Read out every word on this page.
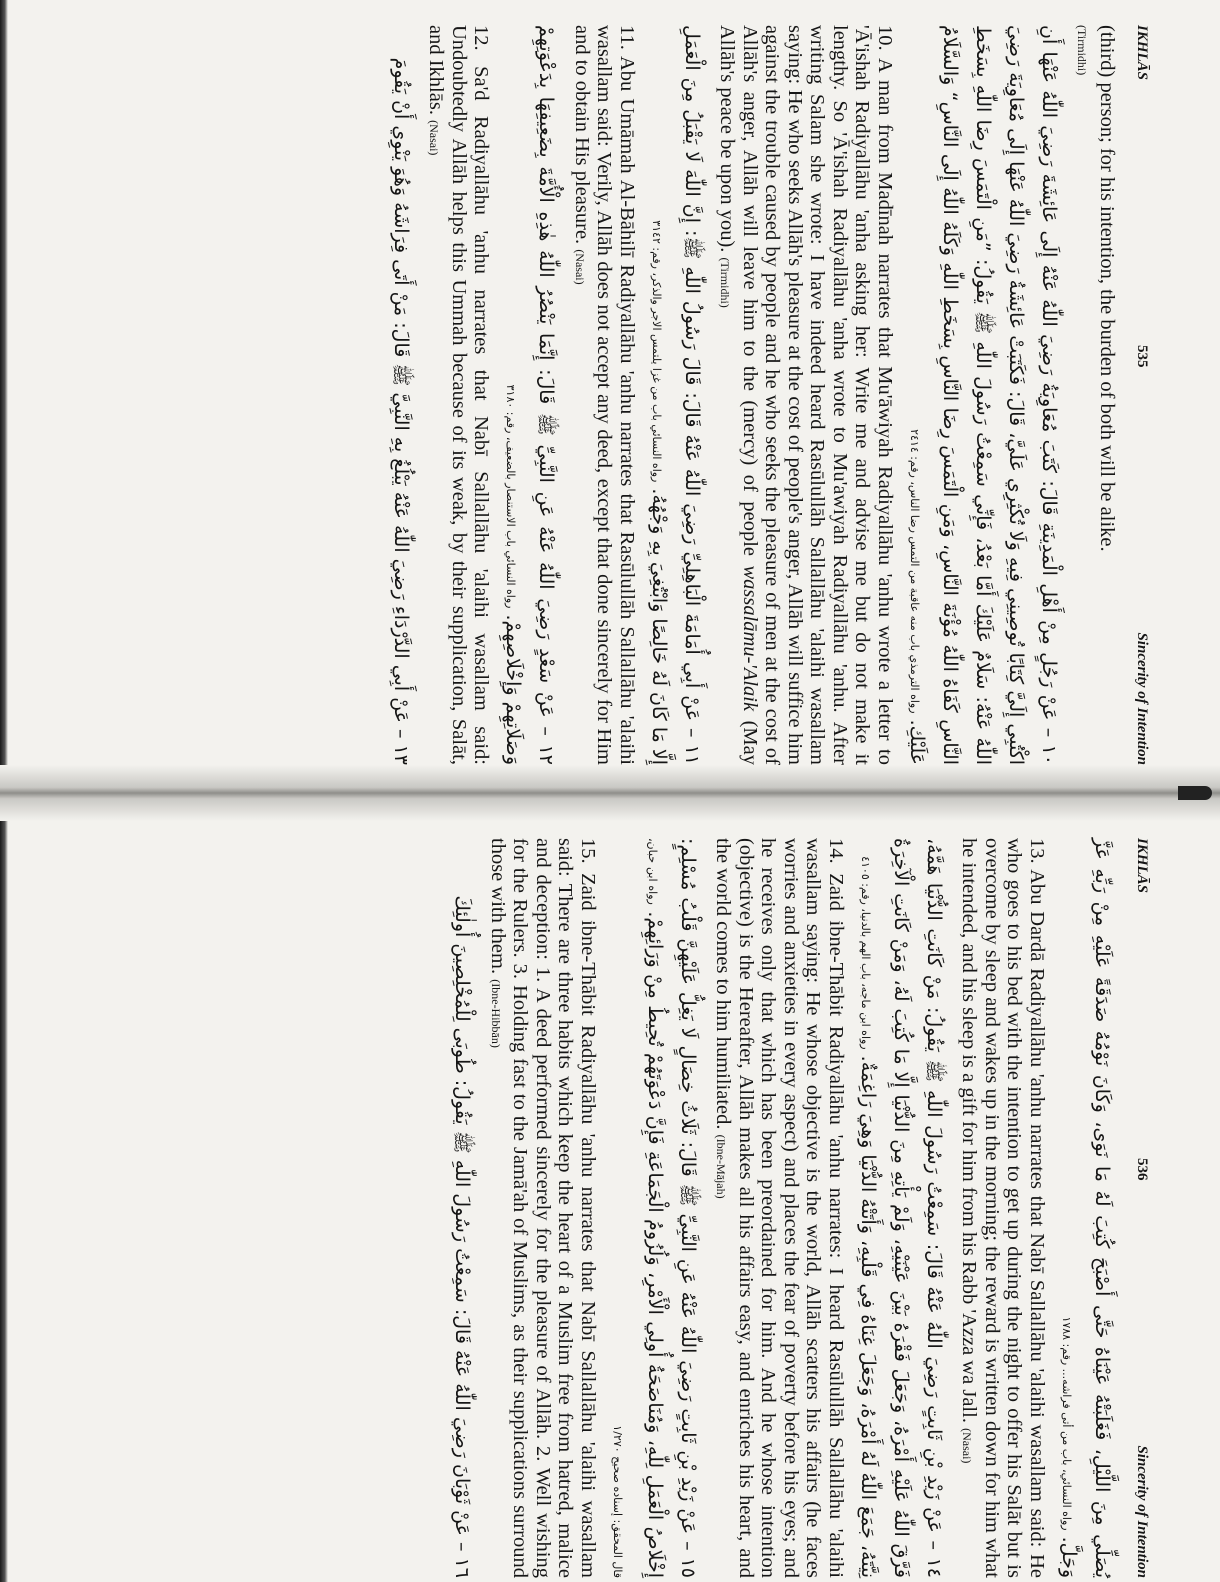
IKHLĀS
535
Sincerity of Intention

(third) person; for his intention, the burden of both will be alike.
(Tirmidhi)

١٠ – عَنْ رَجُلٍ مِنْ أَهْلِ الْمَدِينَةِ قَالَ: كَتَبَ مُعَاوِيَةُ رَضِيَ اللّٰهُ عَنْهُ إِلَى عَائِشَةَ رَضِيَ اللّٰهُ عَنْهَا أَنِ اكْتُبِي إِلَيَّ كِتَابًا تُوصِينِي فِيهِ وَلَا تُكْثِرِي عَلَيَّ، قَالَ: فَكَتَبَتْ عَائِشَةُ رَضِيَ اللّٰهُ عَنْهَا إِلَى مُعَاوِيَةَ رَضِيَ اللّٰهُ عَنْهُ: سَلَامٌ عَلَيْكَ أَمَّا بَعْدُ، فَإِنِّي سَمِعْتُ رَسُولَ اللّٰهِ ﷺ يَقُولُ: ”مَنِ الْتَمَسَ رِضَا اللّٰهِ بِسَخَطِ النَّاسِ كَفَاهُ اللّٰهُ مُؤْنَةَ النَّاسِ، وَمَنِ الْتَمَسَ رِضَا النَّاسِ بِسَخَطِ اللّٰهِ وَكَلَهُ اللّٰهُ إِلَى النَّاسِ“ وَالسَّلَامُ عَلَيْكِ. رواه الترمذي باب منه عاقبة من التمس رضا الناس، رقم: ٢٤١٤

10. A man from Madīnah narrates that Mu'āwiyah Radiyallāhu 'anhu wrote a letter to 'Ā'ishah Radiyallāhu 'anha asking her: Write me and advise me but do not make it lengthy. So 'Ā'ishah Radiyallāhu 'anha wrote to Mu'awiyah Radiyallāhu 'anhu. After writing Salam she wrote: I have indeed heard Rasūlullāh Sallallāhu 'alaihi wasallam saying: He who seeks Allāh's pleasure at the cost of people's anger, Allāh will suffice him against the trouble caused by people and he who seeks the pleasure of men at the cost of Allāh's anger, Allāh will leave him to the (mercy) of people wassalāmu-'Alaik (May Allāh's peace be upon you). (Tirmidhi)

١١ – عَنْ أَبِي أُمَامَةَ الْبَاهِلِيِّ رَضِيَ اللّٰهُ عَنْهُ قَالَ: قَالَ رَسُولُ اللّٰهِ ﷺ: إِنَّ اللّٰهَ لَا يَقْبَلُ مِنَ الْعَمَلِ إِلَّا مَا كَانَ لَهُ خَالِصًا وَابْتُغِيَ بِهِ وَجْهُهُ. رواه النسائي باب من غزا يلتمس الاجر والذكر، رقم: ٣١٤٢

11. Abu Umāmah Al-Bāhilī Radiyallāhu 'anhu narrates that Rasūlullāh Sallallāhu 'alaihi wasallam said: Verily, Allāh does not accept any deed, except that done sincerely for Him and to obtain His pleasure. (Nasai)

١٢ – عَنْ سَعْدٍ رَضِيَ اللّٰهُ عَنْهُ عَنِ النَّبِيِّ ﷺ قَالَ: إِنَّمَا يَنْصُرُ اللّٰهُ هٰذِهِ الْأُمَّةَ بِضَعِيفِهَا بِدَعْوَتِهِمْ وَصَلَاتِهِمْ وَإِخْلَاصِهِمْ. رواه النسائي باب الاستنصار بالضعيف، رقم: ٣١٨٠

12. Sa'd Radiyallāhu 'anhu narrates that Nabī Sallallāhu 'alaihi wasallam said: Undoubtedly Allāh helps this Ummah because of its weak, by their supplication, Salāt, and Ikhlās. (Nasai)

١٣ – عَنْ أَبِي الدَّرْدَاءِ رَضِيَ اللّٰهُ عَنْهُ يَبْلُغُ بِهِ النَّبِيَّ ﷺ قَالَ: مَنْ أَتَى فِرَاشَهُ وَهُوَ يَنْوِي أَنْ يَقُومَ

IKHLĀS
536
Sincerity of Intention

يُصَلِّي مِنَ اللَّيْلِ، فَغَلَبَتْهُ عَيْنَاهُ حَتَّى أَصْبَحَ كُتِبَ لَهُ مَا نَوَى، وَكَانَ نَوْمُهُ صَدَقَةً عَلَيْهِ مِنْ رَبِّهِ عَزَّ وَجَلَّ. رواه النسائي، باب من أتى فراشه... رقم: ١٧٨٨

13. Abu Dardā Radiyallāhu 'anhu narrates that Nabī Sallallāhu 'alaihi wasallam said: He who goes to his bed with the intention to get up during the night to offer his Salāt but is overcome by sleep and wakes up in the morning; the reward is written down for him what he intended, and his sleep is a gift for him from his Rabb 'Azza wa Jall. (Nasai)

١٤ – عَنْ زَيْدِ بْنِ ثَابِتٍ رَضِيَ اللّٰهُ عَنْهُ قَالَ: سَمِعْتُ رَسُولَ اللّٰهِ ﷺ يَقُولُ: مَنْ كَانَتِ الدُّنْيَا هَمَّهُ، فَرَّقَ اللّٰهُ عَلَيْهِ أَمْرَهُ، وَجَعَلَ فَقْرَهُ بَيْنَ عَيْنَيْهِ، وَلَمْ يَأْتِهِ مِنَ الدُّنْيَا إِلَّا مَا كُتِبَ لَهُ، وَمَنْ كَانَتِ الْآخِرَةُ نِيَّتَهُ، جَمَعَ اللّٰهُ لَهُ أَمْرَهُ، وَجَعَلَ غِنَاهُ فِي قَلْبِهِ، وَأَتَتْهُ الدُّنْيَا وَهِيَ رَاغِمَةٌ. رواه ابن ماجه، باب الهم بالدنيا، رقم: ٤١٠٥

14. Zaid ibne-Thābit Radiyallāhu 'anhu narrates: I heard Rasūlullāh Sallallāhu 'alaihi wasallam saying: He whose objective is the world, Allāh scatters his affairs (he faces worries and anxieties in every aspect) and places the fear of poverty before his eyes; and he receives only that which has been preordained for him. And he whose intention (objective) is the Hereafter, Allāh makes all his affairs easy, and enriches his heart, and the world comes to him humiliated. (Ibne-Mājah)

١٥ – عَنْ زَيْدِ بْنِ ثَابِتٍ رَضِيَ اللّٰهُ عَنْهُ عَنِ النَّبِيِّ ﷺ قَالَ: ثَلَاثُ خِصَالٍ لَا يَغِلُّ عَلَيْهِنَّ قَلْبُ مُسْلِمٍ: إِخْلَاصُ الْعَمَلِ لِلّٰهِ، وَمُنَاصَحَةُ أُولِي الْأَمْرِ، وَلُزُومُ الْجَمَاعَةِ فَإِنَّ دَعْوَتَهُمْ تُحِيطُ مِنْ وَرَائِهِمْ. رواه ابن حبان، قال المحقق: إسناده صحيح ١/٢٧٠

15. Zaid ibne-Thābit Radiyallāhu 'anhu narrates that Nabī Sallallāhu 'alaihi wasallam said: There are three habits which keep the heart of a Muslim free from hatred, malice and deception: 1. A deed performed sincerely for the pleasure of Allāh. 2. Well wishing for the Rulers. 3. Holding fast to the Jamā'ah of Muslims, as their supplications surround those with them. (Ibne-Hibbān)

١٦ – عَنْ ثَوْبَانَ رَضِيَ اللّٰهُ عَنْهُ قَالَ: سَمِعْتُ رَسُولَ اللّٰهِ ﷺ يَقُولُ: طُوبَى لِلْمُخْلِصِينَ أُولٰئِكَ
